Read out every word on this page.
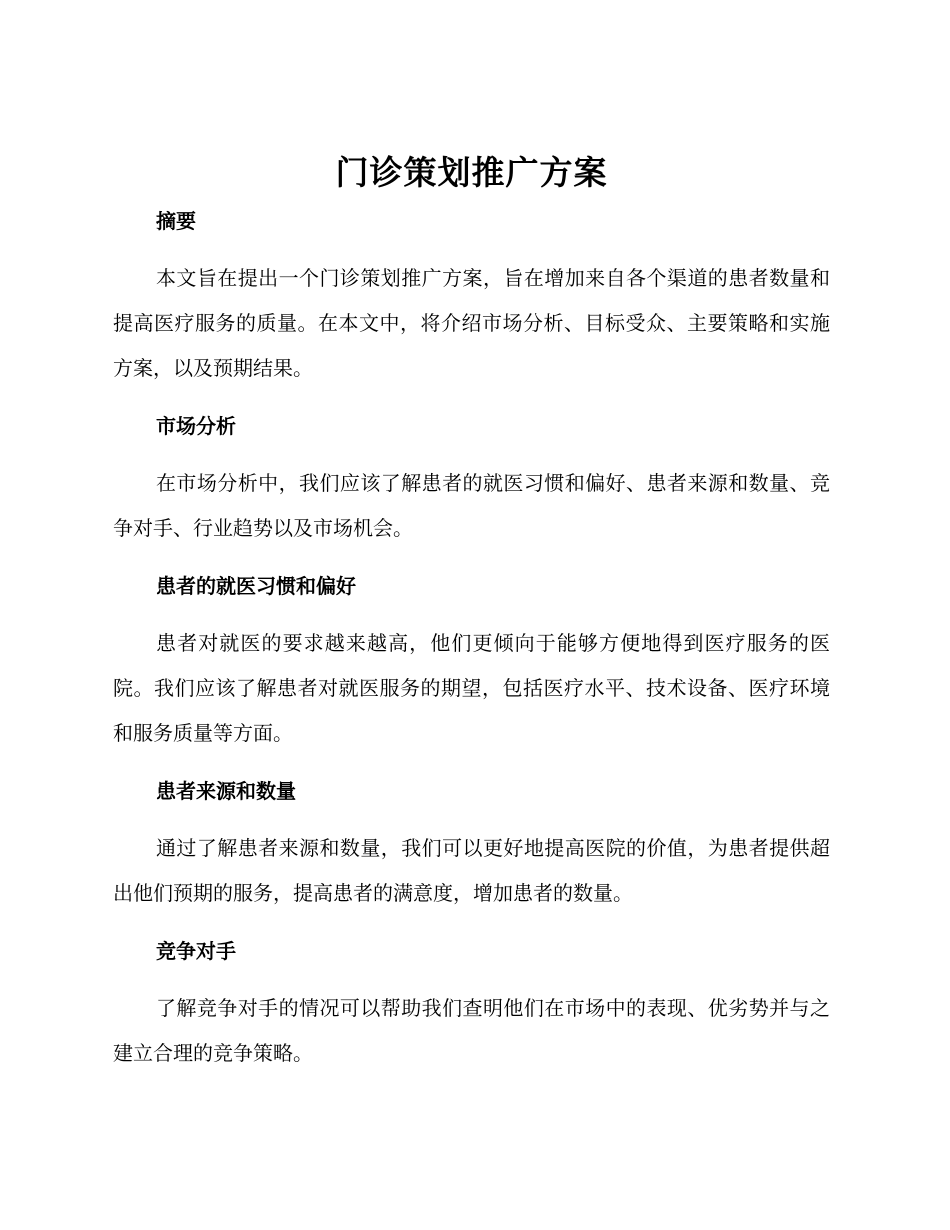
门诊策划推广方案
摘要

本文旨在提出一个门诊策划推广方案，旨在增加来自各个渠道的患者数量和提高医疗服务的质量。在本文中，将介绍市场分析、目标受众、主要策略和实施方案，以及预期结果。

市场分析

在市场分析中，我们应该了解患者的就医习惯和偏好、患者来源和数量、竞争对手、行业趋势以及市场机会。

患者的就医习惯和偏好

患者对就医的要求越来越高，他们更倾向于能够方便地得到医疗服务的医院。我们应该了解患者对就医服务的期望，包括医疗水平、技术设备、医疗环境和服务质量等方面。

患者来源和数量

通过了解患者来源和数量，我们可以更好地提高医院的价值，为患者提供超出他们预期的服务，提高患者的满意度，增加患者的数量。

竞争对手

了解竞争对手的情况可以帮助我们查明他们在市场中的表现、优劣势并与之建立合理的竞争策略。
